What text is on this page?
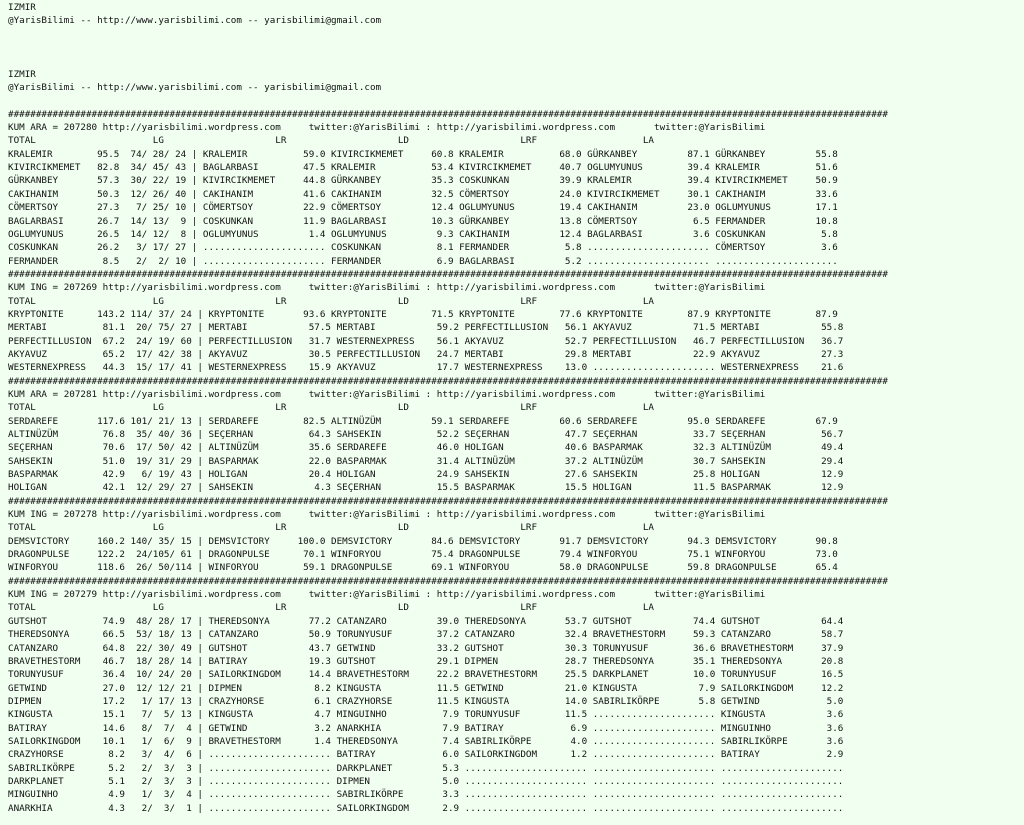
IZMIR
@YarisBilimi -- http://www.yarisbilimi.com -- yarisbilimi@gmail.com
IZMIR
@YarisBilimi -- http://www.yarisbilimi.com -- yarisbilimi@gmail.com
##############################################################################################################################################################
KUM ARA = 207280 http://yarisbilimi.wordpress.com     twitter:@YarisBilimi : http://yarisbilimi.wordpress.com       twitter:@YarisBilimi
TOTAL                     LG                    LR                    LD                    LRF                   LA
KRALEMIR        95.5  74/ 28/ 24 | KRALEMIR          59.0 KIVIRCIKMEMET     60.8 KRALEMIR          68.0 GÜRKANBEY         87.1 GÜRKANBEY         55.8
KIVIRCIKMEMET   82.8  34/ 45/ 43 | BAGLARBASI        47.5 KRALEMIR          53.4 KIVIRCIKMEMET     40.7 OGLUMYUNUS        39.4 KRALEMIR          51.6
GÜRKANBEY       57.3  30/ 22/ 19 | KIVIRCIKMEMET     44.8 GÜRKANBEY         35.3 COSKUNKAN         39.9 KRALEMIR          39.4 KIVIRCIKMEMET     50.9
CAKIHANIM       50.3  12/ 26/ 40 | CAKIHANIM         41.6 CAKIHANIM         32.5 CÖMERTSOY         24.0 KIVIRCIKMEMET     30.1 CAKIHANIM         33.6
CÖMERTSOY       27.3   7/ 25/ 10 | CÖMERTSOY         22.9 CÖMERTSOY         12.4 OGLUMYUNUS        19.4 CAKIHANIM         23.0 OGLUMYUNUS        17.1
BAGLARBASI      26.7  14/ 13/  9 | COSKUNKAN         11.9 BAGLARBASI        10.3 GÜRKANBEY         13.8 CÖMERTSOY          6.5 FERMANDER         10.8
OGLUMYUNUS      26.5  14/ 12/  8 | OGLUMYUNUS         1.4 OGLUMYUNUS         9.3 CAKIHANIM         12.4 BAGLARBASI         3.6 COSKUNKAN          5.8
COSKUNKAN       26.2   3/ 17/ 27 | ...................... COSKUNKAN          8.1 FERMANDER          5.8 ...................... CÖMERTSOY          3.6
FERMANDER        8.5   2/  2/ 10 | ...................... FERMANDER          6.9 BAGLARBASI         5.2 ...................... ......................
##############################################################################################################################################################
KUM ING = 207269 http://yarisbilimi.wordpress.com     twitter:@YarisBilimi : http://yarisbilimi.wordpress.com       twitter:@YarisBilimi
TOTAL                     LG                    LR                    LD                    LRF                   LA
KRYPTONITE      143.2 114/ 37/ 24 | KRYPTONITE       93.6 KRYPTONITE        71.5 KRYPTONITE        77.6 KRYPTONITE        87.9 KRYPTONITE        87.9
MERTABI          81.1  20/ 75/ 27 | MERTABI           57.5 MERTABI           59.2 PERFECTILLUSION   56.1 AKYAVUZ           71.5 MERTABI           55.8
PERFECTILLUSION  67.2  24/ 19/ 60 | PERFECTILLUSION   31.7 WESTERNEXPRESS    56.1 AKYAVUZ           52.7 PERFECTILLUSION   46.7 PERFECTILLUSION   36.7
AKYAVUZ          65.2  17/ 42/ 38 | AKYAVUZ           30.5 PERFECTILLUSION   24.7 MERTABI           29.8 MERTABI           22.9 AKYAVUZ           27.3
WESTERNEXPRESS   44.3  15/ 17/ 41 | WESTERNEXPRESS    15.9 AKYAVUZ           17.7 WESTERNEXPRESS    13.0 ...................... WESTERNEXPRESS    21.6
##############################################################################################################################################################
KUM ARA = 207281 http://yarisbilimi.wordpress.com     twitter:@YarisBilimi : http://yarisbilimi.wordpress.com       twitter:@YarisBilimi
TOTAL                     LG                    LR                    LD                    LRF                   LA
SERDAREFE       117.6 101/ 21/ 13 | SERDAREFE        82.5 ALTINÜZÜM         59.1 SERDAREFE         60.6 SERDAREFE         95.0 SERDAREFE         67.9
ALTINÜZÜM        76.8  35/ 40/ 36 | SEÇERHAN          64.3 SAHSEKIN          52.2 SEÇERHAN          47.7 SEÇERHAN          33.7 SEÇERHAN          56.7
SEÇERHAN         70.6  17/ 50/ 42 | ALTINÜZÜM         35.6 SERDAREFE         46.0 HOLIGAN           40.6 BASPARMAK         32.3 ALTINÜZÜM         49.4
SAHSEKIN         51.0  19/ 31/ 29 | BASPARMAK         22.0 BASPARMAK         31.4 ALTINÜZÜM         37.2 ALTINÜZÜM         30.7 SAHSEKIN          29.4
BASPARMAK        42.9   6/ 19/ 43 | HOLIGAN           20.4 HOLIGAN           24.9 SAHSEKIN          27.6 SAHSEKIN          25.8 HOLIGAN           12.9
HOLIGAN          42.1  12/ 29/ 27 | SAHSEKIN           4.3 SEÇERHAN          15.5 BASPARMAK         15.5 HOLIGAN           11.5 BASPARMAK         12.9
##############################################################################################################################################################
KUM ING = 207278 http://yarisbilimi.wordpress.com     twitter:@YarisBilimi : http://yarisbilimi.wordpress.com       twitter:@YarisBilimi
TOTAL                     LG                    LR                    LD                    LRF                   LA
DEMSVICTORY     160.2 140/ 35/ 15 | DEMSVICTORY     100.0 DEMSVICTORY       84.6 DEMSVICTORY       91.7 DEMSVICTORY       94.3 DEMSVICTORY       90.8
DRAGONPULSE     122.2  24/105/ 61 | DRAGONPULSE      70.1 WINFORYOU         75.4 DRAGONPULSE       79.4 WINFORYOU         75.1 WINFORYOU         73.0
WINFORYOU       118.6  26/ 50/114 | WINFORYOU        59.1 DRAGONPULSE       69.1 WINFORYOU         58.0 DRAGONPULSE       59.8 DRAGONPULSE       65.4
##############################################################################################################################################################
KUM ING = 207279 http://yarisbilimi.wordpress.com     twitter:@YarisBilimi : http://yarisbilimi.wordpress.com       twitter:@YarisBilimi
TOTAL                     LG                    LR                    LD                    LRF                   LA
GUTSHOT          74.9  48/ 28/ 17 | THEREDSONYA       77.2 CATANZARO         39.0 THEREDSONYA       53.7 GUTSHOT           74.4 GUTSHOT           64.4
THEREDSONYA      66.5  53/ 18/ 13 | CATANZARO         50.9 TORUNYUSUF        37.2 CATANZARO         32.4 BRAVETHESTORM     59.3 CATANZARO         58.7
CATANZARO        64.8  22/ 30/ 49 | GUTSHOT           43.7 GETWIND           33.2 GUTSHOT           30.3 TORUNYUSUF        36.6 BRAVETHESTORM     37.9
BRAVETHESTORM    46.7  18/ 28/ 14 | BATIRAY           19.3 GUTSHOT           29.1 DIPMEN            28.7 THEREDSONYA       35.1 THEREDSONYA       20.8
TORUNYUSUF       36.4  10/ 24/ 20 | SAILORKINGDOM     14.4 BRAVETHESTORM     22.2 BRAVETHESTORM     25.5 DARKPLANET        10.0 TORUNYUSUF        16.5
GETWIND          27.0  12/ 12/ 21 | DIPMEN             8.2 KINGUSTA          11.5 GETWIND           21.0 KINGUSTA           7.9 SAILORKINGDOM     12.2
DIPMEN           17.2   1/ 17/ 13 | CRAZYHORSE         6.1 CRAZYHORSE        11.5 KINGUSTA          14.0 SABIRLIKÖRPE       5.8 GETWIND            5.0
KINGUSTA         15.1   7/  5/ 13 | KINGUSTA           4.7 MINGUINHO          7.9 TORUNYUSUF        11.5 ...................... KINGUSTA           3.6
BATIRAY          14.6   8/  7/  4 | GETWIND            3.2 ANARKHIA           7.9 BATIRAY            6.9 ...................... MINGUINHO          3.6
SAILORKINGDOM    10.1   1/  6/  9 | BRAVETHESTORM      1.4 THEREDSONYA        7.4 SABIRLIKÖRPE       4.0 ...................... SABIRLIKÖRPE       3.6
CRAZYHORSE        8.2   3/  4/  6 | ...................... BATIRAY            6.0 SAILORKINGDOM      1.2 ...................... BATIRAY            2.9
SABIRLIKÖRPE      5.2   2/  3/  3 | ...................... DARKPLANET         5.3 ...................... ...................... ......................
DARKPLANET        5.1   2/  3/  3 | ...................... DIPMEN             5.0 ...................... ...................... ......................
MINGUINHO         4.9   1/  3/  4 | ...................... SABIRLIKÖRPE       3.3 ...................... ...................... ......................
ANARKHIA          4.3   2/  3/  1 | ...................... SAILORKINGDOM      2.9 ...................... ...................... ......................
